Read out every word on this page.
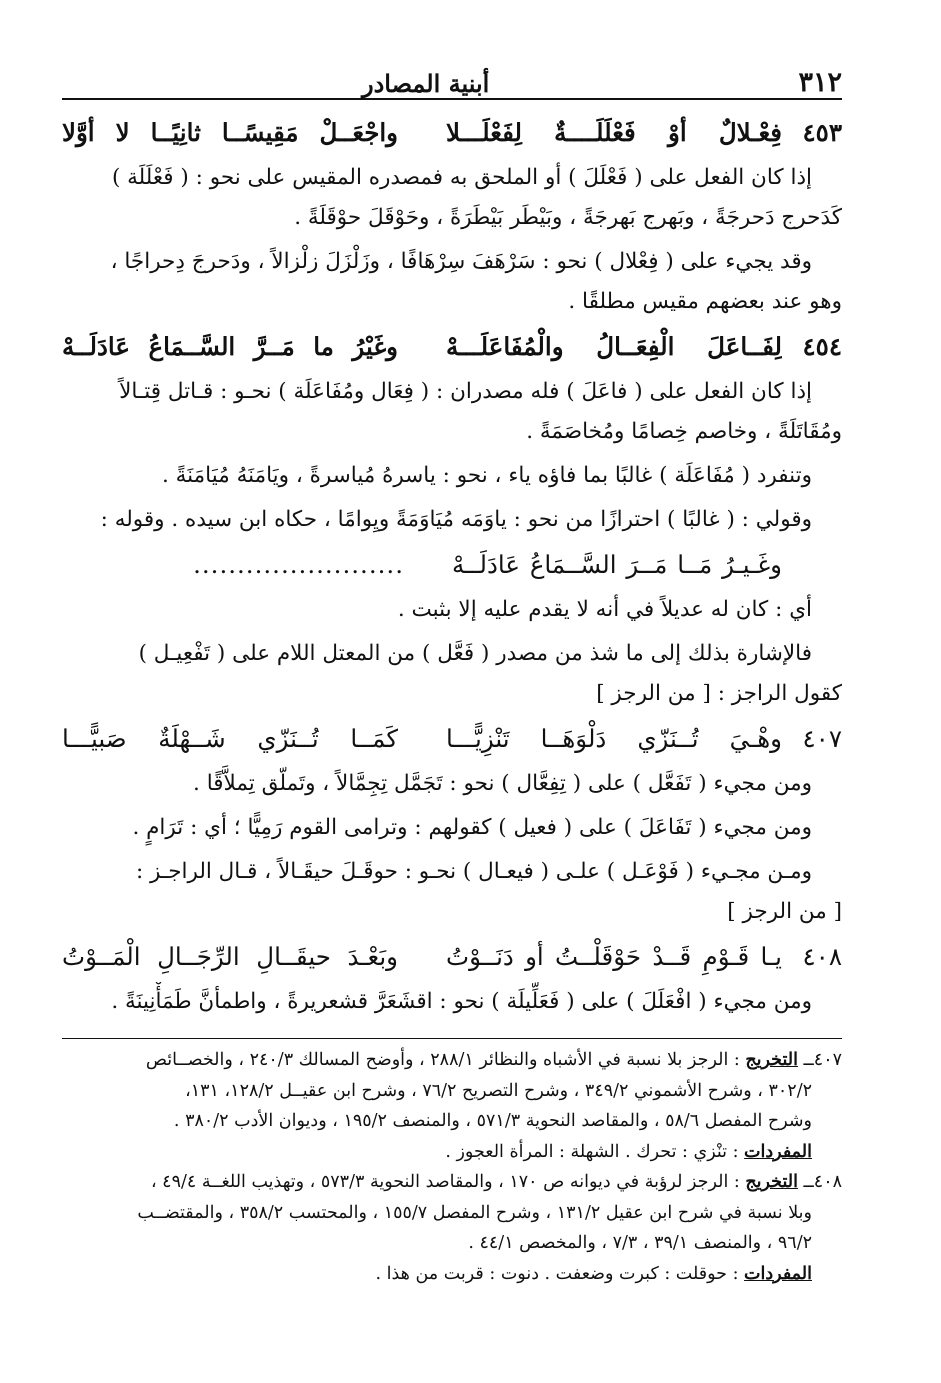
٣١٢
أبنية المصادر
٤٥٣
فِعْـلالٌ أوْ فَعْلَلَــــةٌ لِفَعْلَـــلا
واجْعَــلْ مَقِيسًــا ثانِيًــا لا أوَّلا

إذا كان الفعل على ( فَعْلَلَ ) أو الملحق به فمصدره المقيس على نحو : ( فَعْلَلَة )
كَدَحرج دَحرجَةً ، وبَهرج بَهرجَةً ، وبَيْطَر بَيْطَرَةً ، وحَوْقَلَ حوْقَلَةً .

وقد يجيء على ( فِعْلال ) نحو : سَرْهَفَ سِرْهَافًا ، وزَلْزَلَ زلْزالاً ، ودَحرجَ دِحراجًا ،
وهو عند بعضهم مقيس مطلقًا .

٤٥٤
لِفَــاعَلَ الْفِعَــالُ والْمُفَاعَلَـــهْ
وغَيْرُ ما مَــرَّ السَّــمَاعُ عَادَلَــهْ

إذا كان الفعل على ( فاعَلَ ) فله مصدران : ( فِعَال ومُفَاعَلَة ) نحـو : قـاتل قِتـالاً
ومُقَاتَلَةً ، وخاصم خِصامًا ومُخاصَمَةً .

وتنفرد ( مُفَاعَلَة ) غالبًا بما فاؤه ياء ، نحو : ياسرهُ مُياسرةً ، ويَامَنَهُ مُيَامَنَةً .

وقولي : ( غالبًا ) احترازًا من نحو : ياوَمَه مُيَاوَمَةً ويِوامًا ، حكاه ابن سيده . وقوله :

وغَـيـرُ مَــا مَــرَ السَّــمَاعُ عَادَلَــهْ
........................

أي : كان له عديلاً في أنه لا يقدم عليه إلا بثبت .

فالإشارة بذلك إلى ما شذ من مصدر ( فَعَّل ) من المعتل اللام على ( تَفْعِيـل )
كقول الراجز : [ من الرجز ]

٤٠٧
وهْـيَ تُــنَزّي دَلْوَهَــا تَنْزِيًّـــا
كَمَــا تُــنَزّي شَــهْلَةٌ صَبيًّـــا

ومن مجيء ( تَفَعَّل ) على ( تِفِعَّال ) نحو : تَجَمَّل تِجِمَّالاً ، وتَملّق تِملاَّقًا .

ومن مجيء ( تَفَاعَلَ ) على ( فعيل ) كقولهم : وترامى القوم رَمِيًّا ؛ أي : تَرَامٍ .

ومـن مجـيء ( فَوْعَـل ) علـى ( فيعـال ) نحـو : حوقَـلَ حيقَـالاً ، قـال الراجـز :
[ من الرجز ]

٤٠٨
يـا قَـوْمِ قَــدْ حَوْقَلْــتُ أو دَنَــوْتُ
وبَعْـدَ حيقَــالِ الرِّجَــالِ الْمَــوْتُ

ومن مجيء ( افْعَلَلَ ) على ( فَعَلِّيلَة ) نحو : اقشَعَرَّ قشعريرةً ، واطمأنَّ طَمَأْنِينَةً .

٤٠٧ــ التخريج : الرجز بلا نسبة في الأشباه والنظائر ٢٨٨/١ ، وأوضح المسالك ٢٤٠/٣ ، والخصــائص
٣٠٢/٢ ، وشرح الأشموني ٣٤٩/٢ ، وشرح التصريح ٧٦/٢ ، وشرح ابن عقيــل ١٢٨/٢، ١٣١،
وشرح المفصل ٥٨/٦ ، والمقاصد النحوية ٥٧١/٣ ، والمنصف ١٩٥/٢ ، وديوان الأدب ٣٨٠/٢ .
المفردات : تنْزي : تحرك . الشهلة : المرأة العجوز .
٤٠٨ــ التخريج : الرجز لرؤبة في ديوانه ص ١٧٠ ، والمقاصد النحوية ٥٧٣/٣ ، وتهذيب اللغــة ٤٩/٤ ،
وبلا نسبة في شرح ابن عقيل ١٣١/٢ ، وشرح المفصل ١٥٥/٧ ، والمحتسب ٣٥٨/٢ ، والمقتضــب
٩٦/٢ ، والمنصف ٣٩/١ ، ٧/٣ ، والمخصص ٤٤/١ .
المفردات : حوقلت : كبرت وضعفت . دنوت : قربت من هذا .
